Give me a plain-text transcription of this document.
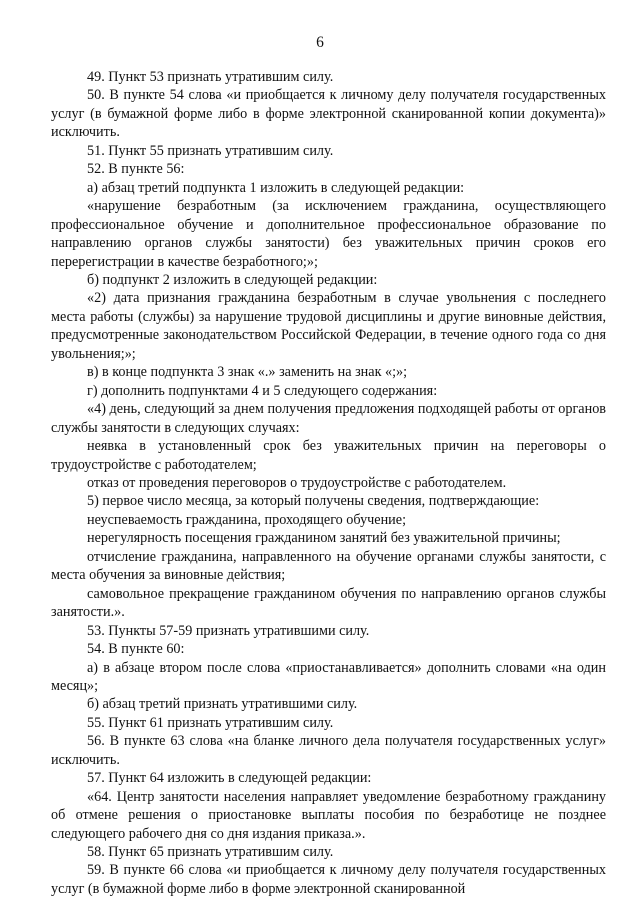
6

49. Пункт 53 признать утратившим силу.

50. В пункте 54 слова «и приобщается к личному делу получателя государственных услуг (в бумажной форме либо в форме электронной сканированной копии документа)» исключить.

51. Пункт 55 признать утратившим силу.

52. В пункте 56:

а) абзац третий подпункта 1 изложить в следующей редакции:

«нарушение безработным (за исключением гражданина, осуществляющего профессиональное обучение и дополнительное профессиональное образование по направлению органов службы занятости) без уважительных причин сроков его перерегистрации в качестве безработного;»;

б) подпункт 2 изложить в следующей редакции:

«2) дата признания гражданина безработным в случае увольнения с последнего места работы (службы) за нарушение трудовой дисциплины и другие виновные действия, предусмотренные законодательством Российской Федерации, в течение одного года со дня увольнения;»;

в) в конце подпункта 3 знак «.» заменить на знак «;»;

г) дополнить подпунктами 4 и 5 следующего содержания:

«4) день, следующий за днем получения предложения подходящей работы от органов службы занятости в следующих случаях:

неявка в установленный срок без уважительных причин на переговоры о трудоустройстве с работодателем;

отказ от проведения переговоров о трудоустройстве с работодателем.

5) первое число месяца, за который получены сведения, подтверждающие:

неуспеваемость гражданина, проходящего обучение;

нерегулярность посещения гражданином занятий без уважительной причины;

отчисление гражданина, направленного на обучение органами службы занятости, с места обучения за виновные действия;

самовольное прекращение гражданином обучения по направлению органов службы занятости.».

53. Пункты 57-59 признать утратившими силу.

54. В пункте 60:

а) в абзаце втором после слова «приостанавливается» дополнить словами «на один месяц»;

б) абзац третий признать утратившими силу.

55. Пункт 61 признать утратившим силу.

56. В пункте 63 слова «на бланке личного дела получателя государственных услуг» исключить.

57. Пункт 64 изложить в следующей редакции:

«64. Центр занятости населения направляет уведомление безработному гражданину об отмене решения о приостановке выплаты пособия по безработице не позднее следующего рабочего дня со дня издания приказа.».

58. Пункт 65 признать утратившим силу.

59. В пункте 66 слова «и приобщается к личному делу получателя государственных услуг (в бумажной форме либо в форме электронной сканированной
